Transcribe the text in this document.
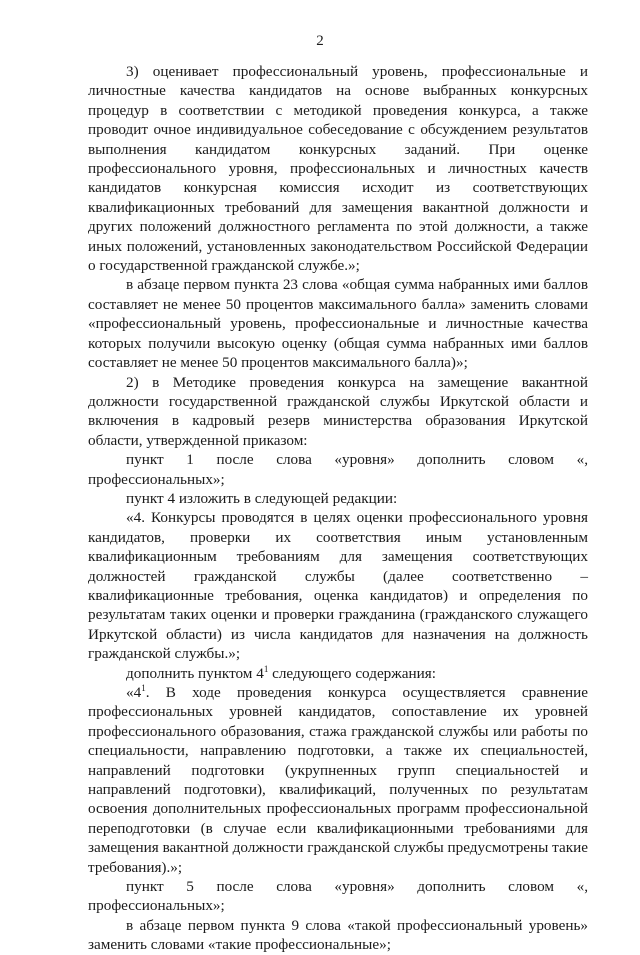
2

3) оценивает профессиональный уровень, профессиональные и личностные качества кандидатов на основе выбранных конкурсных процедур в соответствии с методикой проведения конкурса, а также проводит очное индивидуальное собеседование с обсуждением результатов выполнения кандидатом конкурсных заданий. При оценке профессионального уровня, профессиональных и личностных качеств кандидатов конкурсная комиссия исходит из соответствующих квалификационных требований для замещения вакантной должности и других положений должностного регламента по этой должности, а также иных положений, установленных законодательством Российской Федерации о государственной гражданской службе.»;

в абзаце первом пункта 23 слова «общая сумма набранных ими баллов составляет не менее 50 процентов максимального балла» заменить словами «профессиональный уровень, профессиональные и личностные качества которых получили высокую оценку (общая сумма набранных ими баллов составляет не менее 50 процентов максимального балла)»;

2) в Методике проведения конкурса на замещение вакантной должности государственной гражданской службы Иркутской области и включения в кадровый резерв министерства образования Иркутской области, утвержденной приказом:

пункт 1 после слова «уровня» дополнить словом «, профессиональных»;

пункт 4 изложить в следующей редакции:

«4. Конкурсы проводятся в целях оценки профессионального уровня кандидатов, проверки их соответствия иным установленным квалификационным требованиям для замещения соответствующих должностей гражданской службы (далее соответственно – квалификационные требования, оценка кандидатов) и определения по результатам таких оценки и проверки гражданина (гражданского служащего Иркутской области) из числа кандидатов для назначения на должность гражданской службы.»;

дополнить пунктом $4^1$ следующего содержания:

«$4^1$. В ходе проведения конкурса осуществляется сравнение профессиональных уровней кандидатов, сопоставление их уровней профессионального образования, стажа гражданской службы или работы по специальности, направлению подготовки, а также их специальностей, направлений подготовки (укрупненных групп специальностей и направлений подготовки), квалификаций, полученных по результатам освоения дополнительных профессиональных программ профессиональной переподготовки (в случае если квалификационными требованиями для замещения вакантной должности гражданской службы предусмотрены такие требования).»;

пункт 5 после слова «уровня» дополнить словом «, профессиональных»;

в абзаце первом пункта 9 слова «такой профессиональный уровень» заменить словами «такие профессиональные»;
